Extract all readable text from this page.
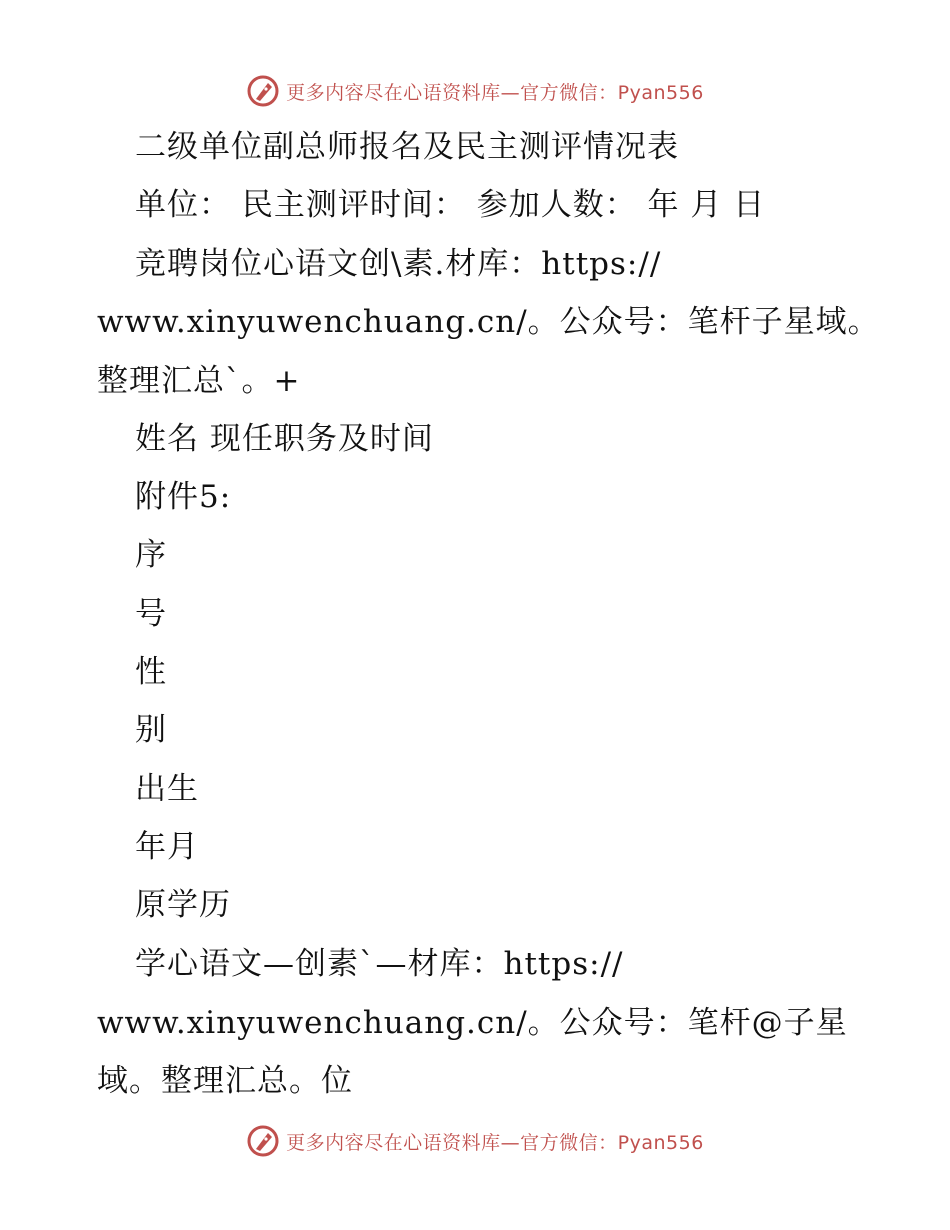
更多内容尽在心语资料库—官方微信：Pyan556
二级单位副总师报名及民主测评情况表
单位： 民主测评时间： 参加人数： 年 月 日
竞聘岗位心语文创\素.材库：https://
www.xinyuwenchuang.cn/。公众号：笔杆子星域。
整理汇总`。+
姓名 现任职务及时间
附件5:
序
号
性
别
出生
年月
原学历
学心语文—创素`—材库：https://
www.xinyuwenchuang.cn/。公众号：笔杆@子星
域。整理汇总。位
更多内容尽在心语资料库—官方微信：Pyan556
